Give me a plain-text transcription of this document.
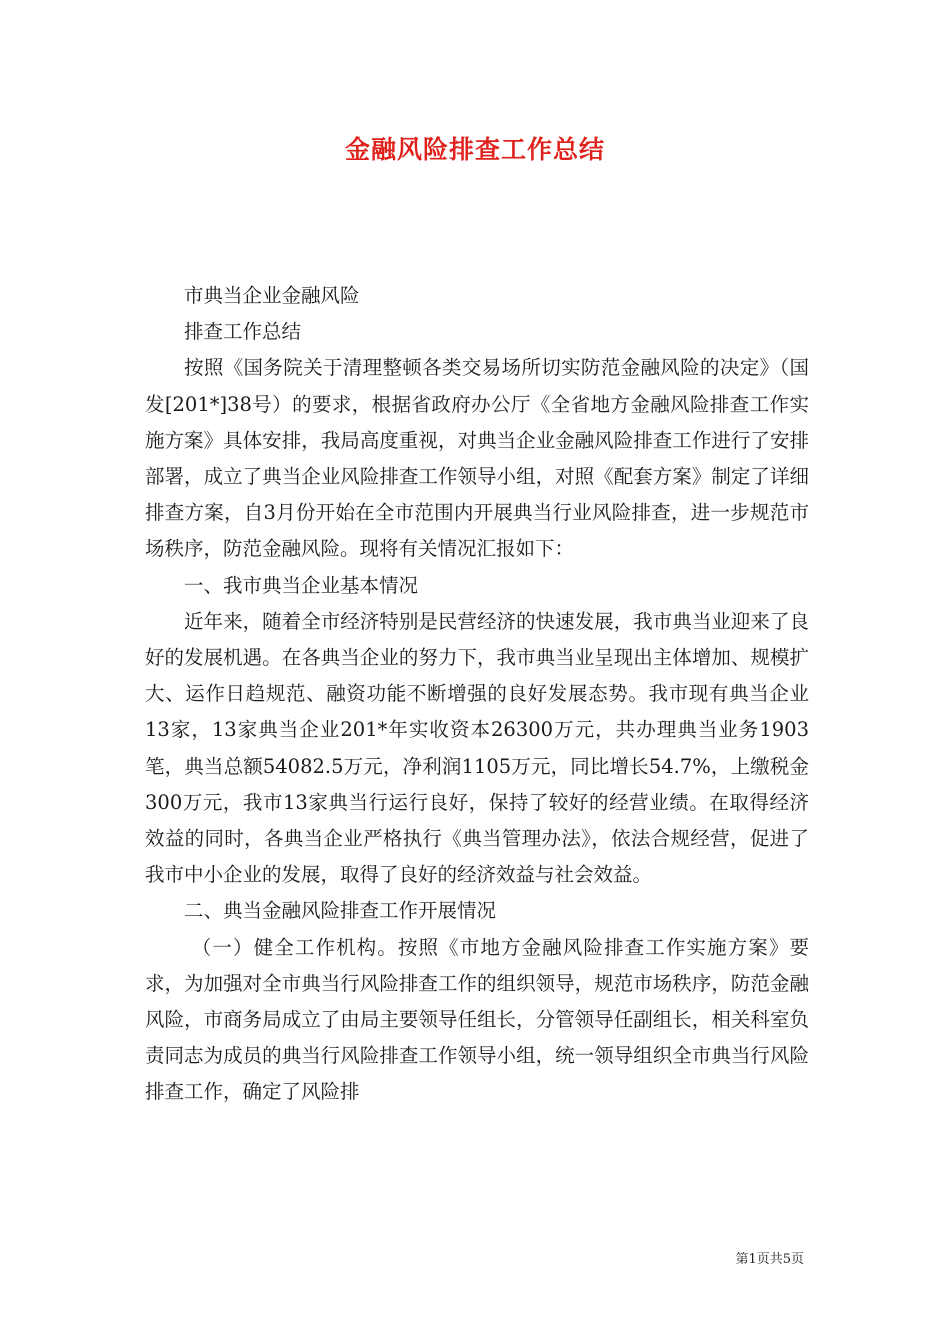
金融风险排查工作总结

市典当企业金融风险

排查工作总结

按照《国务院关于清理整顿各类交易场所切实防范金融风险的决定》（国发[201*]38号）的要求，根据省政府办公厅《全省地方金融风险排查工作实施方案》具体安排，我局高度重视，对典当企业金融风险排查工作进行了安排部署，成立了典当企业风险排查工作领导小组，对照《配套方案》制定了详细排查方案，自3月份开始在全市范围内开展典当行业风险排查，进一步规范市场秩序，防范金融风险。现将有关情况汇报如下：

一、我市典当企业基本情况

近年来，随着全市经济特别是民营经济的快速发展，我市典当业迎来了良好的发展机遇。在各典当企业的努力下，我市典当业呈现出主体增加、规模扩大、运作日趋规范、融资功能不断增强的良好发展态势。我市现有典当企业13家，13家典当企业201*年实收资本26300万元，共办理典当业务1903笔，典当总额54082.5万元，净利润1105万元，同比增长54.7%，上缴税金300万元，我市13家典当行运行良好，保持了较好的经营业绩。在取得经济效益的同时，各典当企业严格执行《典当管理办法》，依法合规经营，促进了我市中小企业的发展，取得了良好的经济效益与社会效益。

二、典当金融风险排查工作开展情况

（一）健全工作机构。按照《市地方金融风险排查工作实施方案》要求，为加强对全市典当行风险排查工作的组织领导，规范市场秩序，防范金融风险，市商务局成立了由局主要领导任组长，分管领导任副组长，相关科室负责同志为成员的典当行风险排查工作领导小组，统一领导组织全市典当行风险排查工作，确定了风险排

第1页共5页
